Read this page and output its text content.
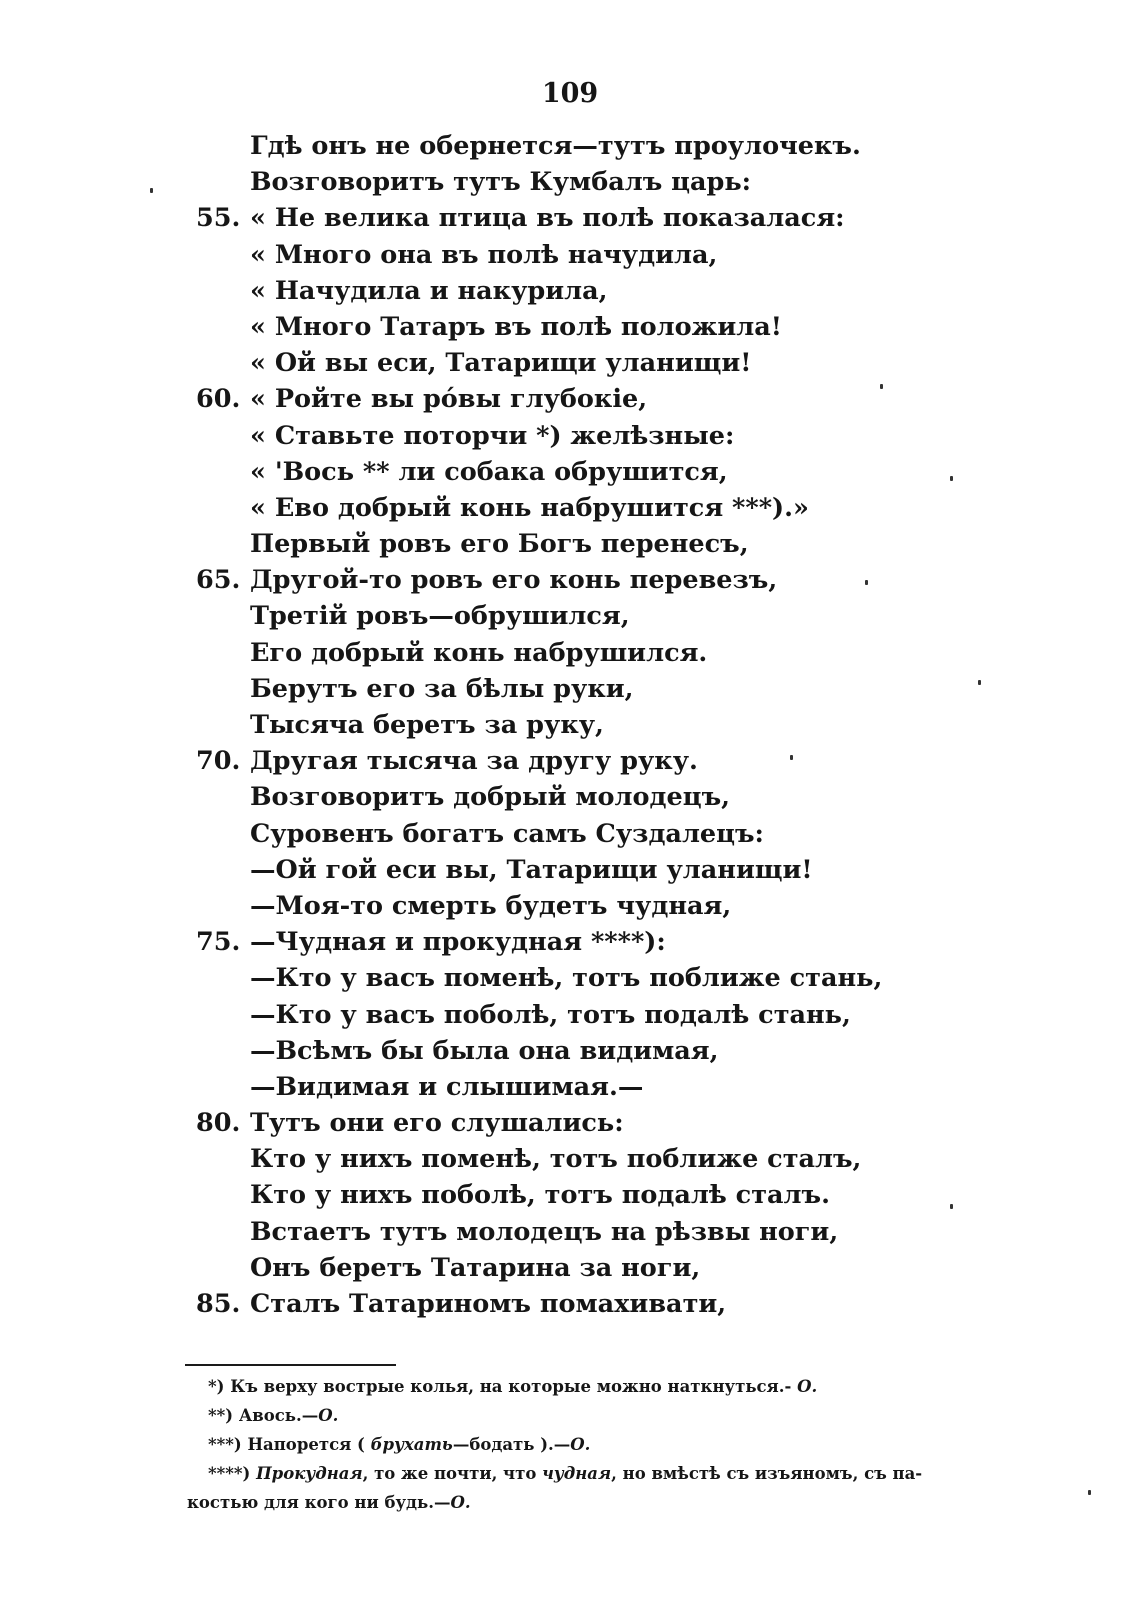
109
Гдѣ онъ не обернется—тутъ проулочекъ.
Возговоритъ тутъ Кумбалъ царь:
55. « Не велика птица въ полѣ показалася:
« Много она въ полѣ начудила,
« Начудила и накурила,
« Много Татаръ въ полѣ положила!
« Ой вы еси, Татарищи уланищи!
60. « Ройте вы рóвы глубокіе,
« Ставьте поторчи *) желѣзные:
« 'Вось ** ли собака обрушится,
« Ево добрый конь набрушится ***).»
Первый ровъ его Богъ перенесъ,
65. Другой-то ровъ его конь перевезъ,
Третій ровъ—обрушился,
Его добрый конь набрушился.
Берутъ его за бѣлы руки,
Тысяча беретъ за руку,
70. Другая тысяча за другу руку.
Возговоритъ добрый молодецъ,
Суровенъ богатъ самъ Суздалецъ:
—Ой гой еси вы, Татарищи уланищи!
—Моя-то смерть будетъ чудная,
75. —Чудная и прокудная ****):
—Кто у васъ поменѣ, тотъ поближе стань,
—Кто у васъ поболѣ, тотъ подалѣ стань,
—Всѣмъ бы была она видимая,
—Видимая и слышимая.—
80. Тутъ они его слушались:
Кто у нихъ поменѣ, тотъ поближе сталъ,
Кто у нихъ поболѣ, тотъ подалѣ сталъ.
Встаетъ тутъ молодецъ на рѣзвы ноги,
Онъ беретъ Татарина за ноги,
85. Сталъ Татариномъ помахивати,
*) Къ верху вострые колья, на которые можно наткнуться.- О.
**) Авось.—О.
***) Напорется ( брухать—бодать ).—О.
****) Прокудная, то же почти, что чудная, но вмѣстѣ съ изъяномъ, съ па-
костью для кого ни будь.—О.
